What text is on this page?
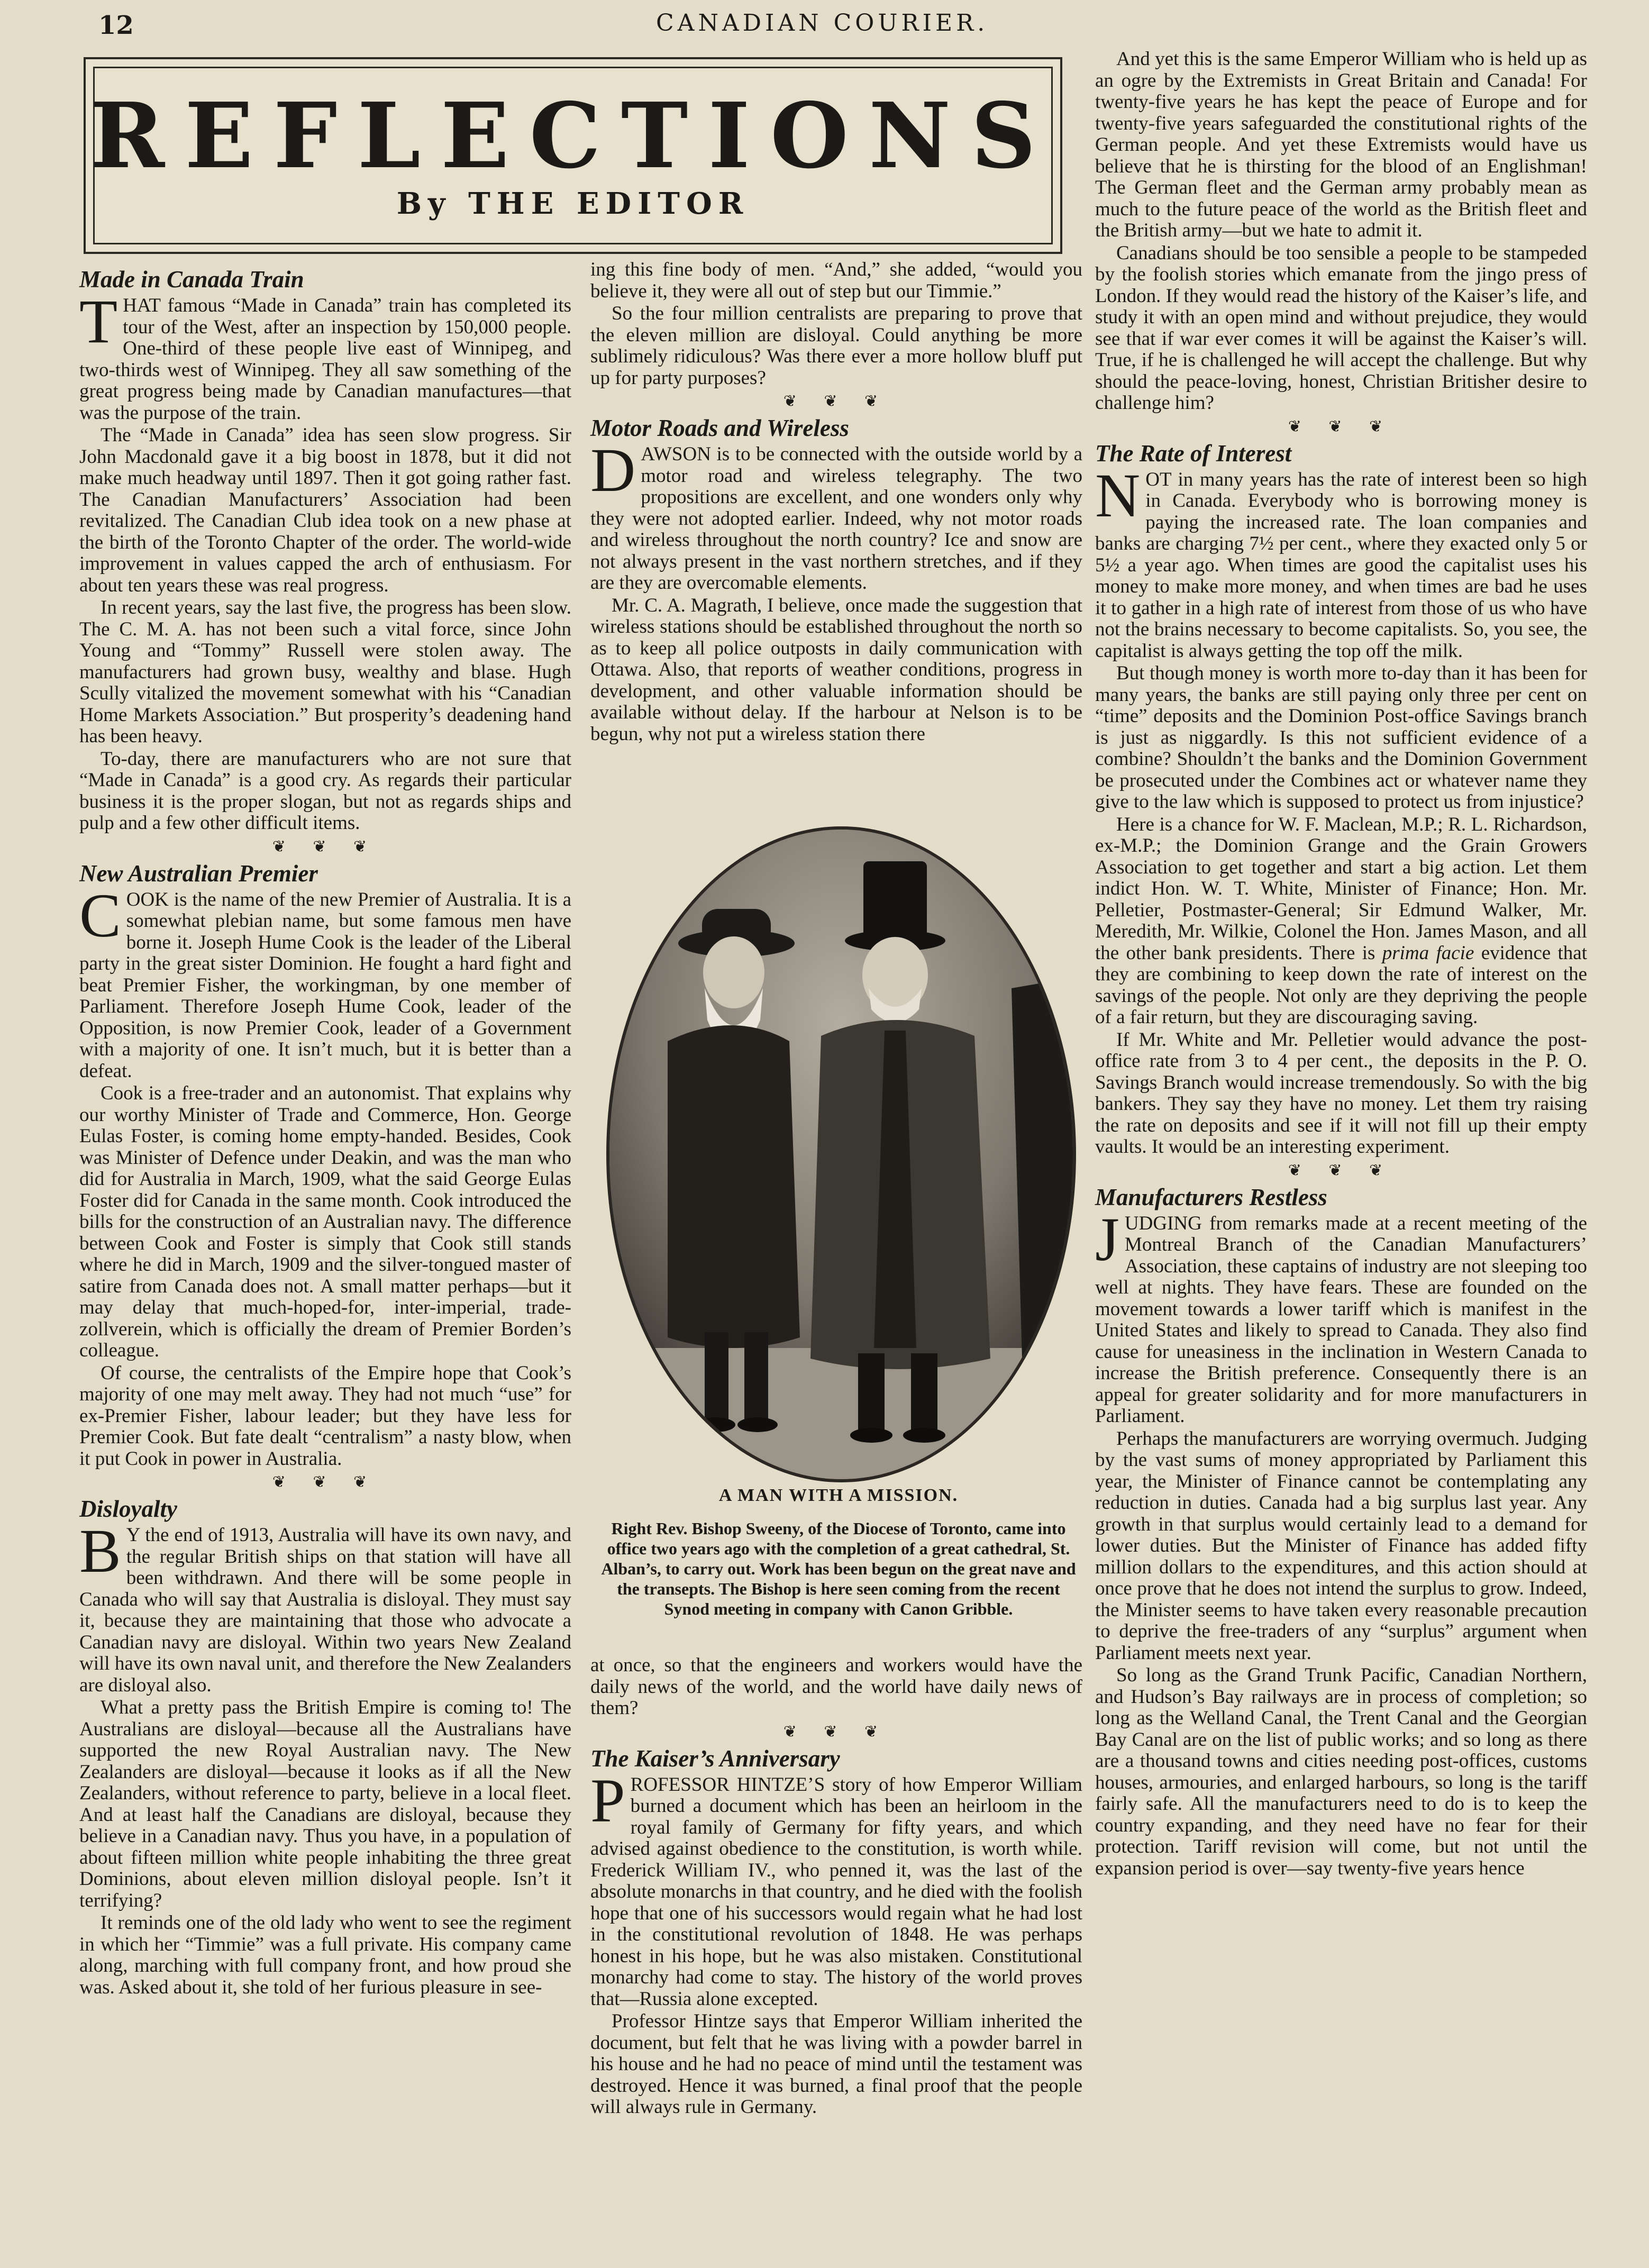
12	CANADIAN COURIER.
REFLECTIONS
By THE EDITOR
Made in Canada Train

THAT famous “Made in Canada” train has completed its tour of the West, after an inspection by 150,000 people. One-third of these people live east of Winnipeg, and two-thirds west of Winnipeg. They all saw something of the great progress being made by Canadian manufactures—that was the purpose of the train.

The “Made in Canada” idea has seen slow progress. Sir John Macdonald gave it a big boost in 1878, but it did not make much headway until 1897. Then it got going rather fast. The Canadian Manufacturers’ Association had been revitalized. The Canadian Club idea took on a new phase at the birth of the Toronto Chapter of the order. The world-wide improvement in values capped the arch of enthusiasm. For about ten years these was real progress.

In recent years, say the last five, the progress has been slow. The C. M. A. has not been such a vital force, since John Young and “Tommy” Russell were stolen away. The manufacturers had grown busy, wealthy and blase. Hugh Scully vitalized the movement somewhat with his “Canadian Home Markets Association.” But prosperity’s deadening hand has been heavy.

To-day, there are manufacturers who are not sure that “Made in Canada” is a good cry. As regards their particular business it is the proper slogan, but not as regards ships and pulp and a few other difficult items.

❦ ❦ ❦
New Australian Premier

COOK is the name of the new Premier of Australia. It is a somewhat plebian name, but some famous men have borne it. Joseph Hume Cook is the leader of the Liberal party in the great sister Dominion. He fought a hard fight and beat Premier Fisher, the workingman, by one member of Parliament. Therefore Joseph Hume Cook, leader of the Opposition, is now Premier Cook, leader of a Government with a majority of one. It isn’t much, but it is better than a defeat.

Cook is a free-trader and an autonomist. That explains why our worthy Minister of Trade and Commerce, Hon. George Eulas Foster, is coming home empty-handed. Besides, Cook was Minister of Defence under Deakin, and was the man who did for Australia in March, 1909, what the said George Eulas Foster did for Canada in the same month. Cook introduced the bills for the construction of an Australian navy. The difference between Cook and Foster is simply that Cook still stands where he did in March, 1909 and the silver-tongued master of satire from Canada does not. A small matter perhaps—but it may delay that much-hoped-for, inter-imperial, trade-zollverein, which is officially the dream of Premier Borden’s colleague.

Of course, the centralists of the Empire hope that Cook’s majority of one may melt away. They had not much “use” for ex-Premier Fisher, labour leader; but they have less for Premier Cook. But fate dealt “centralism” a nasty blow, when it put Cook in power in Australia.

❦ ❦ ❦
Disloyalty

B Y the end of 1913, Australia will have its own navy, and the regular British ships on that station will have all been withdrawn. And there will be some people in Canada who will say that Australia is disloyal. They must say it, because they are maintaining that those who advocate a Canadian navy are disloyal. Within two years New Zealand will have its own naval unit, and therefore the New Zealanders are disloyal also.

What a pretty pass the British Empire is coming to! The Australians are disloyal—because all the Australians have supported the new Royal Australian navy. The New Zealanders are disloyal—because it looks as if all the New Zealanders, without reference to party, believe in a local fleet. And at least half the Canadians are disloyal, because they believe in a Canadian navy. Thus you have, in a population of about fifteen million white people inhabiting the three great Dominions, about eleven million disloyal people. Isn’t it terrifying?

It reminds one of the old lady who went to see the regiment in which her “Timmie” was a full private. His company came along, marching with full company front, and how proud she was. Asked about it, she told of her furious pleasure in see-

ing this fine body of men. “And,” she added, “would you believe it, they were all out of step but our Timmie.”

So the four million centralists are preparing to prove that the eleven million are disloyal. Could anything be more sublimely ridiculous? Was there ever a more hollow bluff put up for party purposes?

❦ ❦ ❦
Motor Roads and Wireless

DAWSON is to be connected with the outside world by a motor road and wireless telegraphy. The two propositions are excellent, and one wonders only why they were not adopted earlier. Indeed, why not motor roads and wireless throughout the north country? Ice and snow are not always present in the vast northern stretches, and if they are they are overcomable elements.

Mr. C. A. Magrath, I believe, once made the suggestion that wireless stations should be established throughout the north so as to keep all police outposts in daily communication with Ottawa. Also, that reports of weather conditions, progress in development, and other valuable information should be available without delay. If the harbour at Nelson is to be begun, why not put a wireless station there

A MAN WITH A MISSION.
Right Rev. Bishop Sweeny, of the Diocese of Toronto, came into office two years ago with the completion of a great cathedral, St. Alban’s, to carry out. Work has been begun on the great nave and the transepts. The Bishop is here seen coming from the recent Synod meeting in company with Canon Gribble.

at once, so that the engineers and workers would have the daily news of the world, and the world have daily news of them?

❦ ❦ ❦
The Kaiser’s Anniversary

PROFESSOR HINTZE’S story of how Emperor William burned a document which has been an heirloom in the royal family of Germany for fifty years, and which advised against obedience to the constitution, is worth while. Frederick William IV., who penned it, was the last of the absolute monarchs in that country, and he died with the foolish hope that one of his successors would regain what he had lost in the constitutional revolution of 1848. He was perhaps honest in his hope, but he was also mistaken. Constitutional monarchy had come to stay. The history of the world proves that—Russia alone excepted.

Professor Hintze says that Emperor William inherited the document, but felt that he was living with a powder barrel in his house and he had no peace of mind until the testament was destroyed. Hence it was burned, a final proof that the people will always rule in Germany.

And yet this is the same Emperor William who is held up as an ogre by the Extremists in Great Britain and Canada! For twenty-five years he has kept the peace of Europe and for twenty-five years safeguarded the constitutional rights of the German people. And yet these Extremists would have us believe that he is thirsting for the blood of an Englishman! The German fleet and the German army probably mean as much to the future peace of the world as the British fleet and the British army—but we hate to admit it.

Canadians should be too sensible a people to be stampeded by the foolish stories which emanate from the jingo press of London. If they would read the history of the Kaiser’s life, and study it with an open mind and without prejudice, they would see that if war ever comes it will be against the Kaiser’s will. True, if he is challenged he will accept the challenge. But why should the peace-loving, honest, Christian Britisher desire to challenge him?

❦ ❦ ❦
The Rate of Interest

NOT in many years has the rate of interest been so high in Canada. Everybody who is borrowing money is paying the increased rate. The loan companies and banks are charging 7½ per cent., where they exacted only 5 or 5½ a year ago. When times are good the capitalist uses his money to make more money, and when times are bad he uses it to gather in a high rate of interest from those of us who have not the brains necessary to become capitalists. So, you see, the capitalist is always getting the top off the milk.

But though money is worth more to-day than it has been for many years, the banks are still paying only three per cent on “time” deposits and the Dominion Post-office Savings branch is just as niggardly. Is this not sufficient evidence of a combine? Shouldn’t the banks and the Dominion Government be prosecuted under the Combines act or whatever name they give to the law which is supposed to protect us from injustice?

Here is a chance for W. F. Maclean, M.P.; R. L. Richardson, ex-M.P.; the Dominion Grange and the Grain Growers Association to get together and start a big action. Let them indict Hon. W. T. White, Minister of Finance; Hon. Mr. Pelletier, Postmaster-General; Sir Edmund Walker, Mr. Meredith, Mr. Wilkie, Colonel the Hon. James Mason, and all the other bank presidents. There is prima facie evidence that they are combining to keep down the rate of interest on the savings of the people. Not only are they depriving the people of a fair return, but they are discouraging saving.

If Mr. White and Mr. Pelletier would advance the post-office rate from 3 to 4 per cent., the deposits in the P. O. Savings Branch would increase tremendously. So with the big bankers. They say they have no money. Let them try raising the rate on deposits and see if it will not fill up their empty vaults. It would be an interesting experiment.

❦ ❦ ❦
Manufacturers Restless

JUDGING from remarks made at a recent meeting of the Montreal Branch of the Canadian Manufacturers’ Association, these captains of industry are not sleeping too well at nights. They have fears. These are founded on the movement towards a lower tariff which is manifest in the United States and likely to spread to Canada. They also find cause for uneasiness in the inclination in Western Canada to increase the British preference. Consequently there is an appeal for greater solidarity and for more manufacturers in Parliament.

Perhaps the manufacturers are worrying overmuch. Judging by the vast sums of money appropriated by Parliament this year, the Minister of Finance cannot be contemplating any reduction in duties. Canada had a big surplus last year. Any growth in that surplus would certainly lead to a demand for lower duties. But the Minister of Finance has added fifty million dollars to the expenditures, and this action should at once prove that he does not intend the surplus to grow. Indeed, the Minister seems to have taken every reasonable precaution to deprive the free-traders of any “surplus” argument when Parliament meets next year.

So long as the Grand Trunk Pacific, Canadian Northern, and Hudson’s Bay railways are in process of completion; so long as the Welland Canal, the Trent Canal and the Georgian Bay Canal are on the list of public works; and so long as there are a thousand towns and cities needing post-offices, customs houses, armouries, and enlarged harbours, so long is the tariff fairly safe. All the manufacturers need to do is to keep the country expanding, and they need have no fear for their protection. Tariff revision will come, but not until the expansion period is over—say twenty-five years hence
